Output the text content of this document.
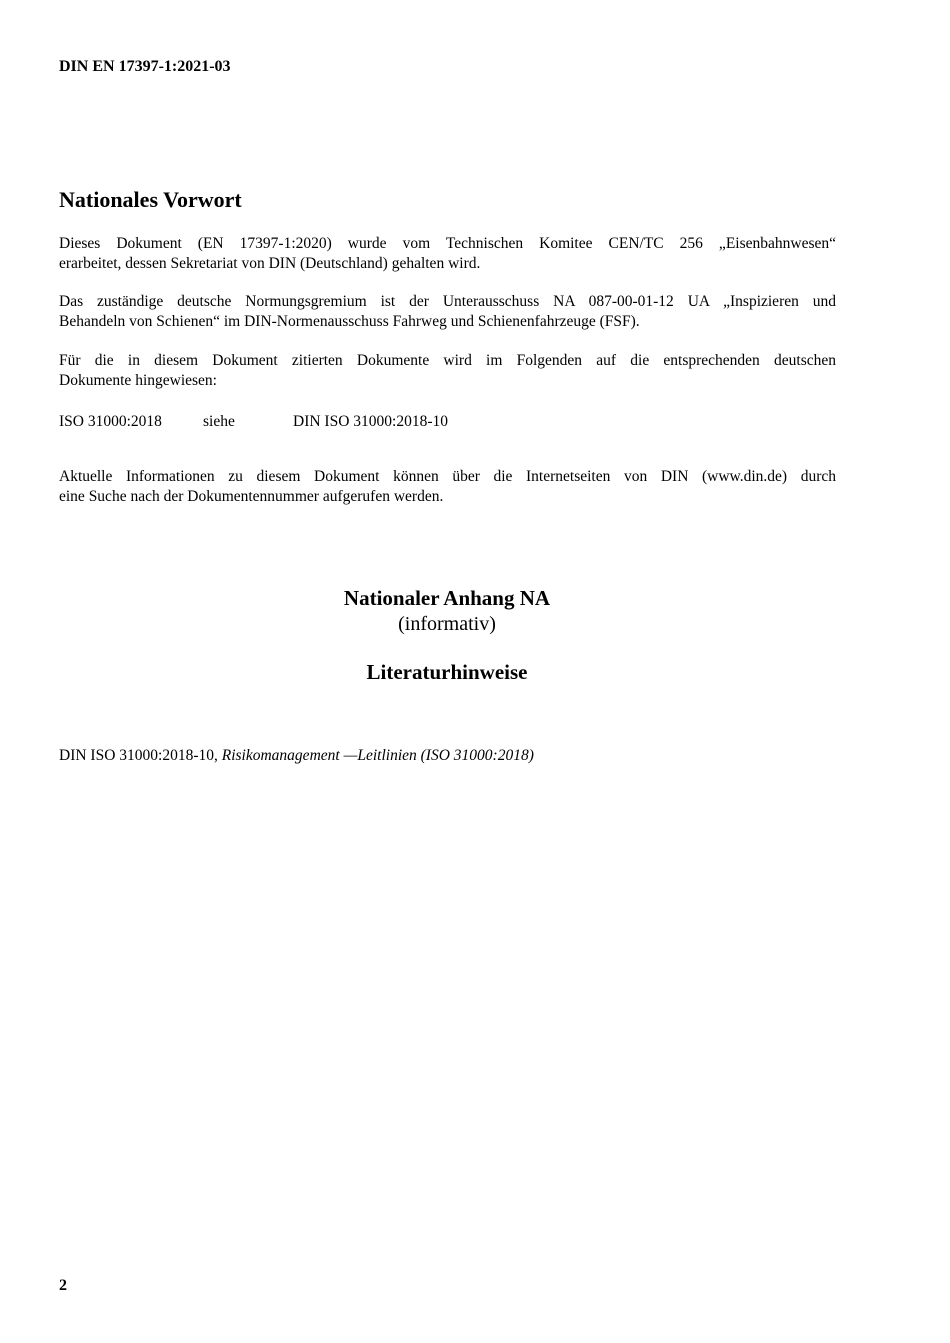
DIN EN 17397-1:2021-03
Nationales Vorwort
Dieses Dokument (EN 17397-1:2020) wurde vom Technischen Komitee CEN/TC 256 „Eisenbahnwesen“
erarbeitet, dessen Sekretariat von DIN (Deutschland) gehalten wird.
Das zuständige deutsche Normungsgremium ist der Unterausschuss NA 087-00-01-12 UA „Inspizieren und
Behandeln von Schienen“ im DIN-Normenausschuss Fahrweg und Schienenfahrzeuge (FSF).
Für die in diesem Dokument zitierten Dokumente wird im Folgenden auf die entsprechenden deutschen
Dokumente hingewiesen:
ISO 31000:2018	siehe	DIN ISO 31000:2018-10
Aktuelle Informationen zu diesem Dokument können über die Internetseiten von DIN (www.din.de) durch
eine Suche nach der Dokumentennummer aufgerufen werden.
Nationaler Anhang NA
(informativ)
Literaturhinweise
DIN ISO 31000:2018-10, Risikomanagement —Leitlinien (ISO 31000:2018)
2
